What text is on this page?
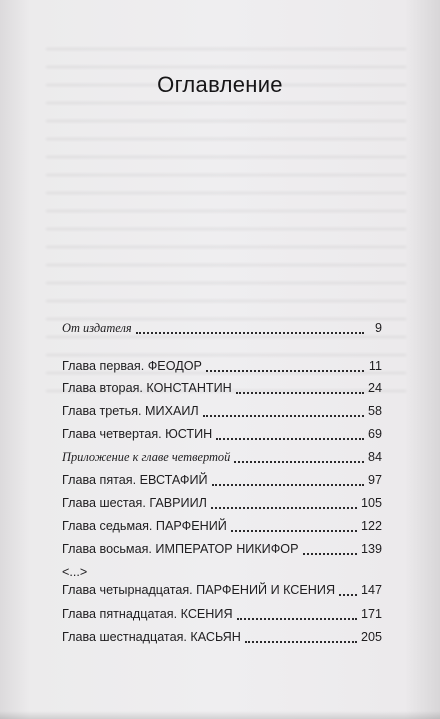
Оглавление
От издателя	9
Глава первая. ФЕОДОР	11
Глава вторая. КОНСТАНТИН	24
Глава третья. МИХАИЛ	58
Глава четвертая. ЮСТИН	69
Приложение к главе четвертой	84
Глава пятая. ЕВСТАФИЙ	97
Глава шестая. ГАВРИИЛ	105
Глава седьмая. ПАРФЕНИЙ	122
Глава восьмая. ИМПЕРАТОР НИКИФОР	139
<...>
Глава четырнадцатая. ПАРФЕНИЙ И КСЕНИЯ 147
Глава пятнадцатая. КСЕНИЯ	171
Глава шестнадцатая. КАСЬЯН	205
